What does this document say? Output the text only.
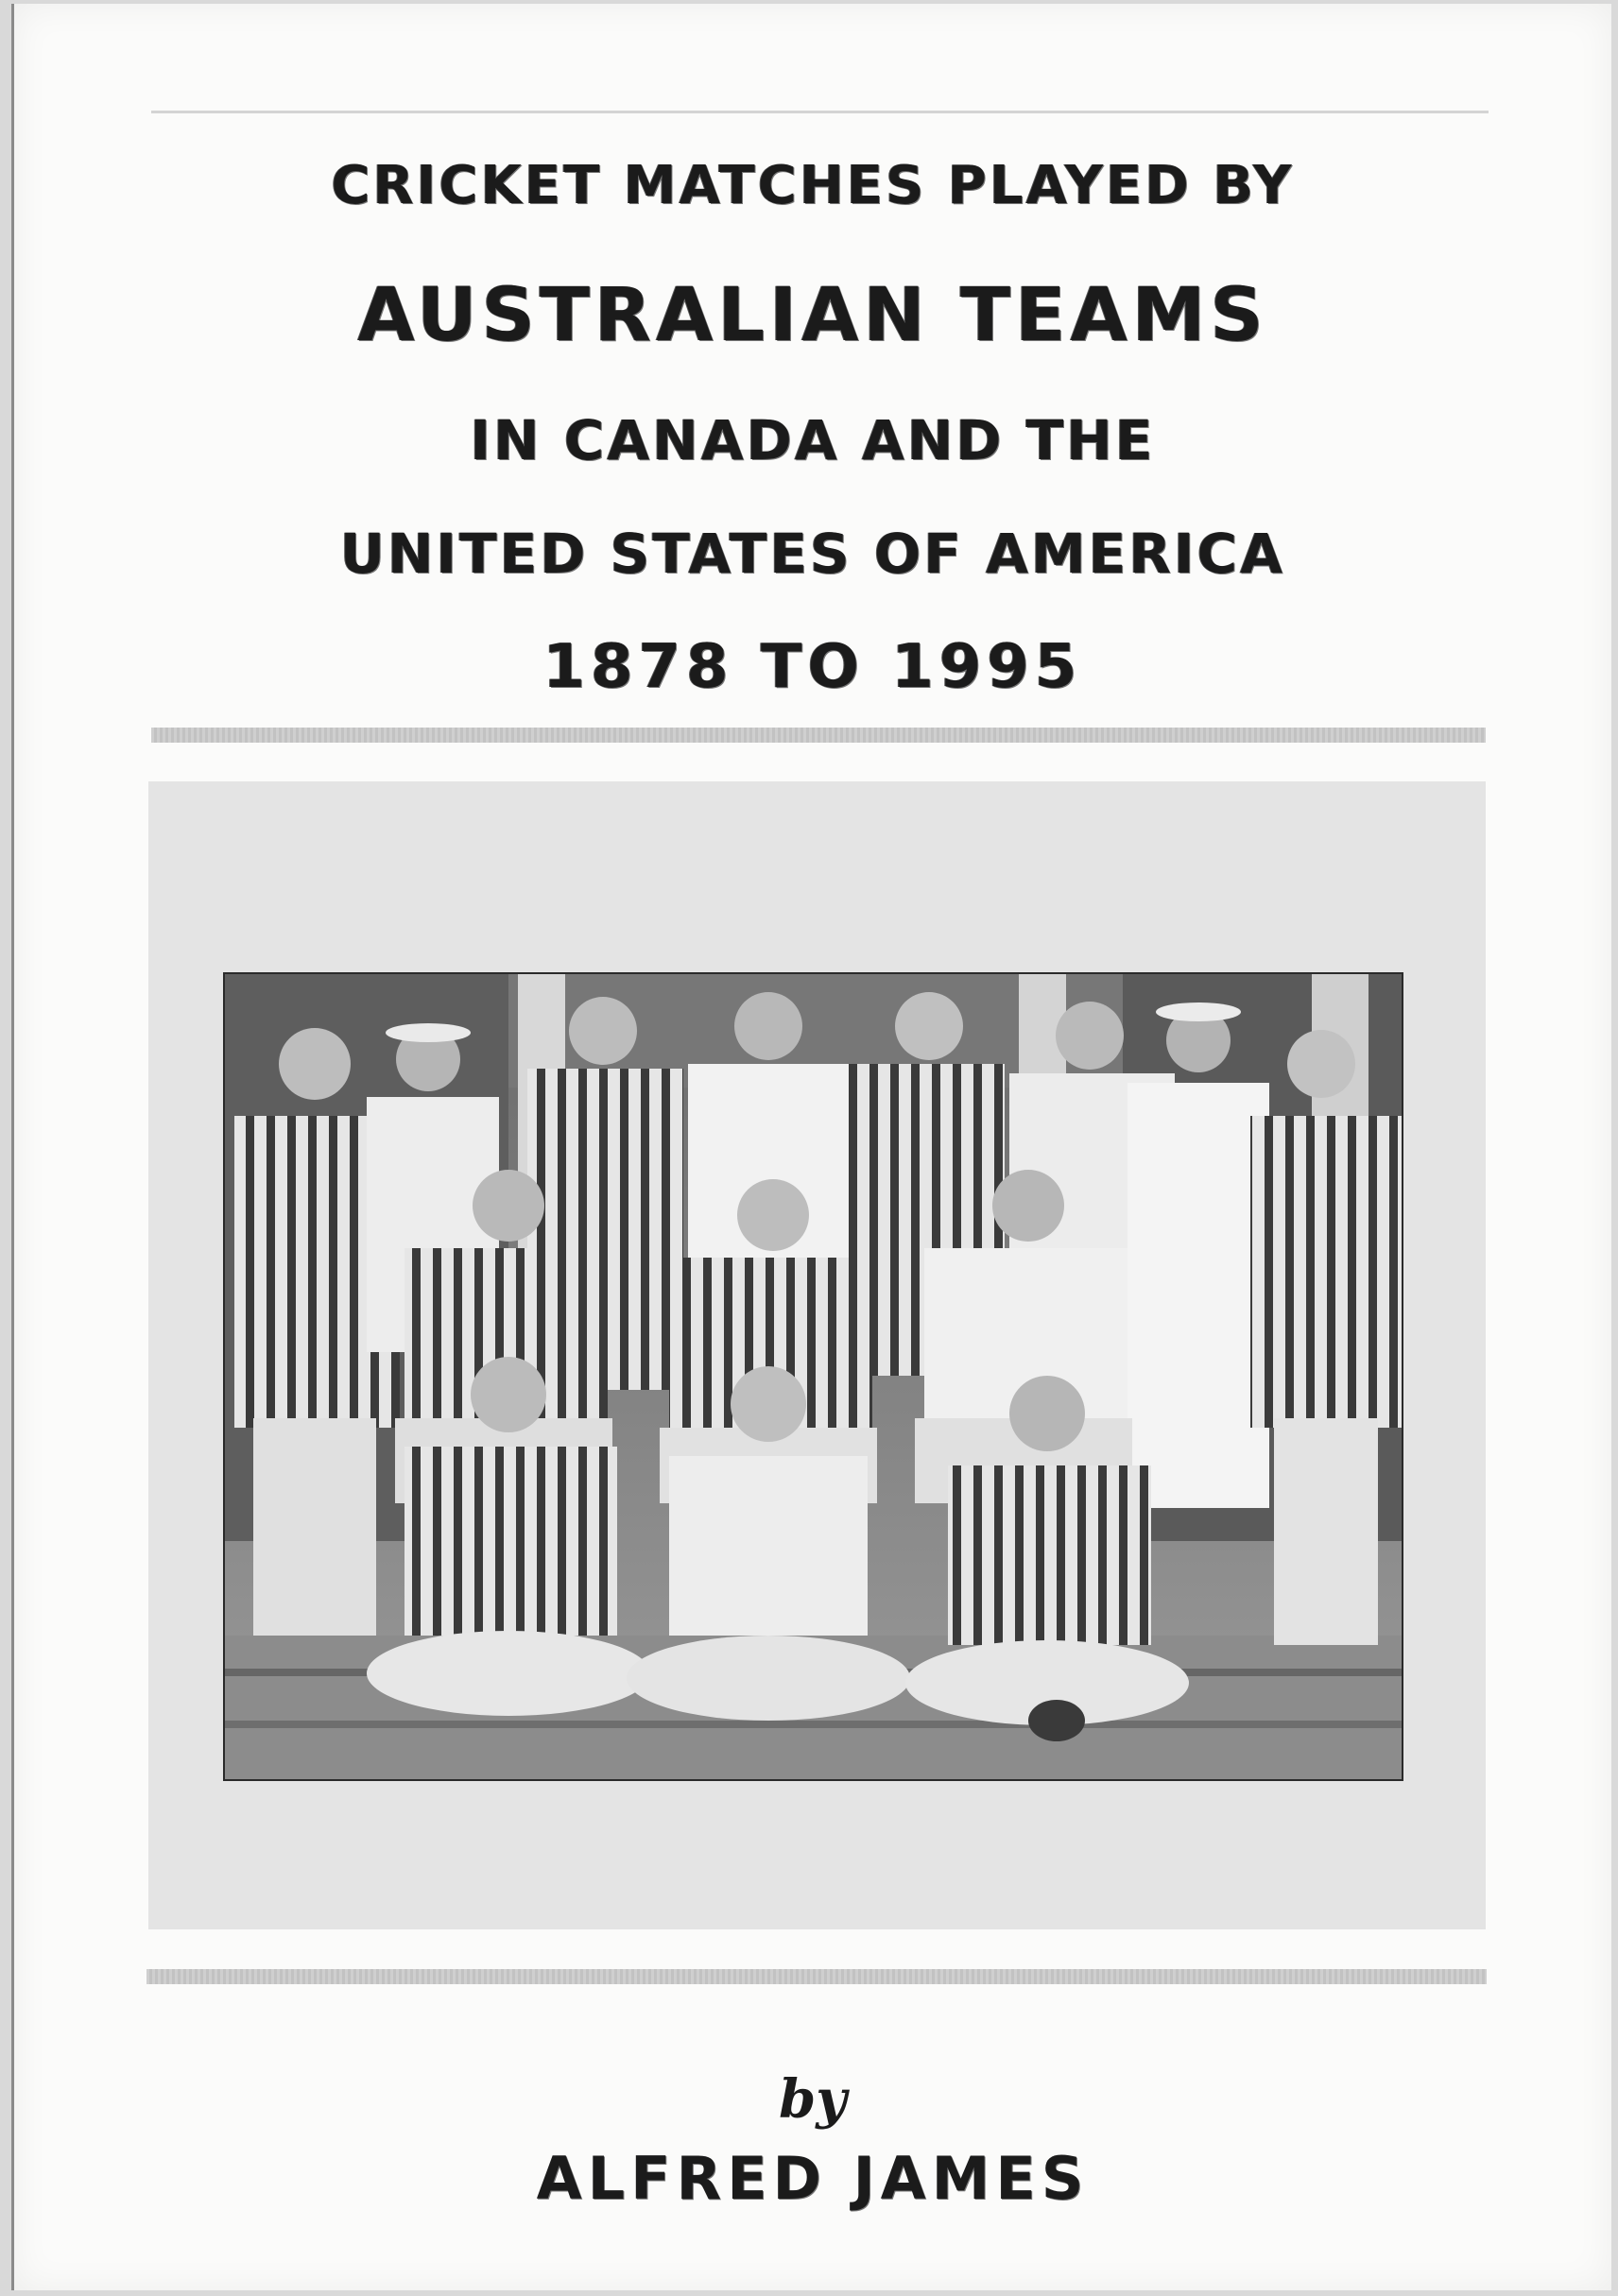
CRICKET MATCHES PLAYED BY
AUSTRALIAN TEAMS
IN CANADA AND THE
UNITED STATES OF AMERICA
1878 TO 1995
by
ALFRED JAMES
